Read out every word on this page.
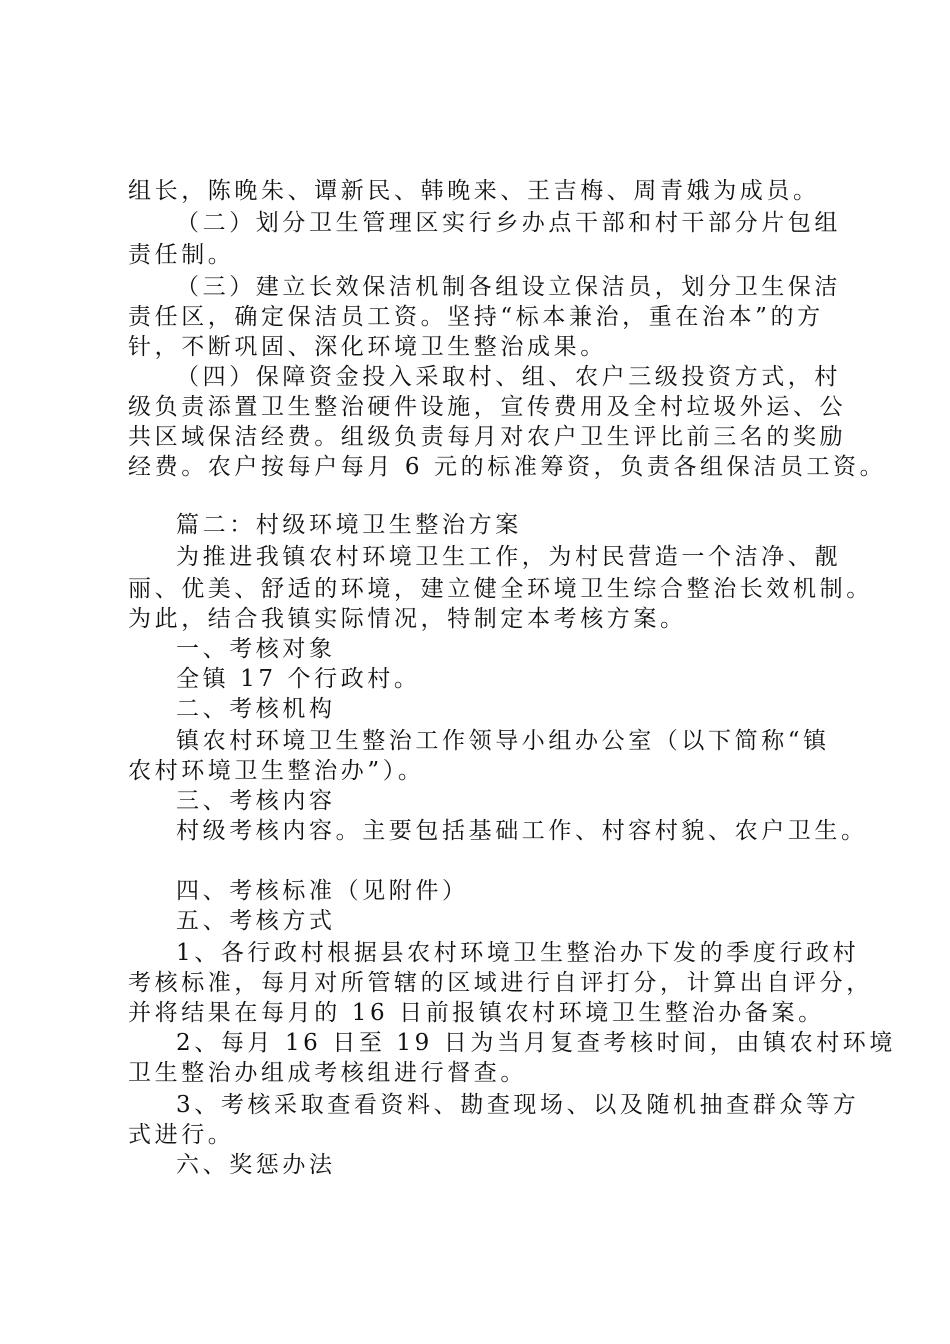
组长，陈晚朱、谭新民、韩晚来、王吉梅、周青娥为成员。
（二）划分卫生管理区实行乡办点干部和村干部分片包组
责任制。
（三）建立长效保洁机制各组设立保洁员，划分卫生保洁
责任区，确定保洁员工资。坚持“标本兼治，重在治本”的方
针，不断巩固、深化环境卫生整治成果。
（四）保障资金投入采取村、组、农户三级投资方式，村
级负责添置卫生整治硬件设施，宣传费用及全村垃圾外运、公
共区域保洁经费。组级负责每月对农户卫生评比前三名的奖励
经费。农户按每户每月 6 元的标准筹资，负责各组保洁员工资。
篇二：村级环境卫生整治方案
为推进我镇农村环境卫生工作，为村民营造一个洁净、靓
丽、优美、舒适的环境，建立健全环境卫生综合整治长效机制。
为此，结合我镇实际情况，特制定本考核方案。
一、考核对象
全镇 17 个行政村。
二、考核机构
镇农村环境卫生整治工作领导小组办公室（以下简称“镇
农村环境卫生整治办”）。
三、考核内容
村级考核内容。主要包括基础工作、村容村貌、农户卫生。
四、考核标准（见附件）
五、考核方式
1、各行政村根据县农村环境卫生整治办下发的季度行政村
考核标准，每月对所管辖的区域进行自评打分，计算出自评分，
并将结果在每月的 16 日前报镇农村环境卫生整治办备案。
2、每月 16 日至 19 日为当月复查考核时间，由镇农村环境
卫生整治办组成考核组进行督查。
3、考核采取查看资料、勘查现场、以及随机抽查群众等方
式进行。
六、奖惩办法
